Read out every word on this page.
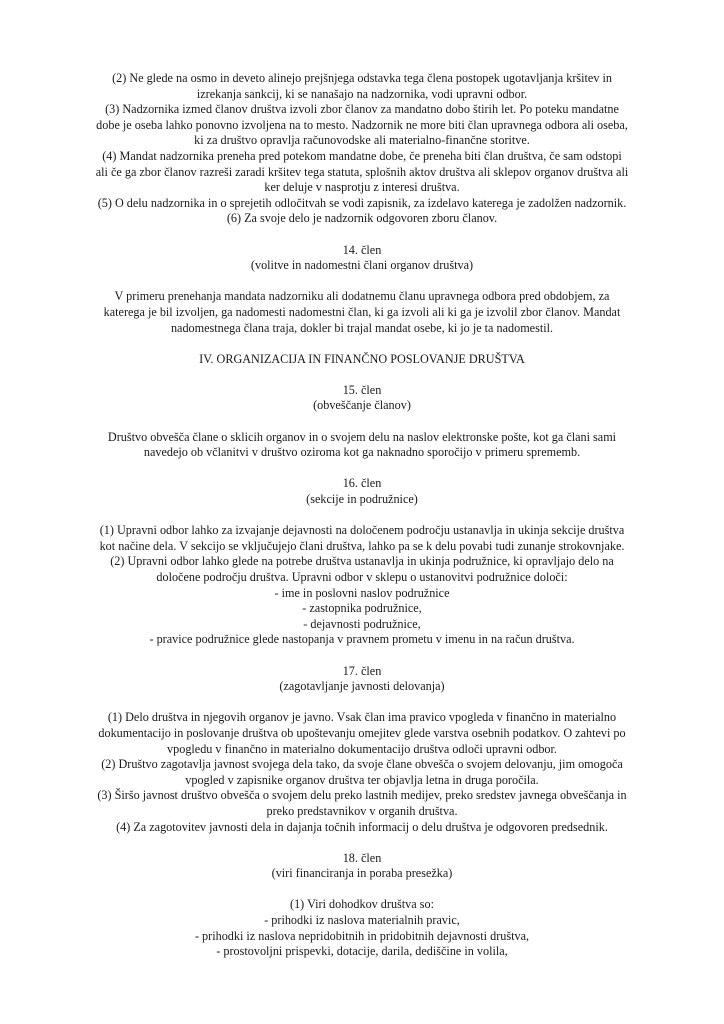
(2) Ne glede na osmo in deveto alinejo prejšnjega odstavka tega člena postopek ugotavljanja kršitev in
izrekanja sankcij, ki se nanašajo na nadzornika, vodi upravni odbor.
(3) Nadzornika izmed članov društva izvoli zbor članov za mandatno dobo štirih let. Po poteku mandatne
dobe je oseba lahko ponovno izvoljena na to mesto. Nadzornik ne more biti član upravnega odbora ali oseba,
ki za društvo opravlja računovodske ali materialno-finančne storitve.
(4) Mandat nadzornika preneha pred potekom mandatne dobe, če preneha biti član društva, če sam odstopi
ali če ga zbor članov razreši zaradi kršitev tega statuta, splošnih aktov društva ali sklepov organov društva ali
ker deluje v nasprotju z interesi društva.
(5) O delu nadzornika in o sprejetih odločitvah se vodi zapisnik, za izdelavo katerega je zadolžen nadzornik.
(6) Za svoje delo je nadzornik odgovoren zboru članov.
14. člen
(volitve in nadomestni člani organov društva)
V primeru prenehanja mandata nadzorniku ali dodatnemu članu upravnega odbora pred obdobjem, za
katerega je bil izvoljen, ga nadomesti nadomestni član, ki ga izvoli ali ki ga je izvolil zbor članov. Mandat
nadomestnega člana traja, dokler bi trajal mandat osebe, ki jo je ta nadomestil.
IV. ORGANIZACIJA IN FINANČNO POSLOVANJE DRUŠTVA
15. člen
(obveščanje članov)
Društvo obvešča člane o sklicih organov in o svojem delu na naslov elektronske pošte, kot ga člani sami
navedejo ob včlanitvi v društvo oziroma kot ga naknadno sporočijo v primeru sprememb.
16. člen
(sekcije in podružnice)
(1) Upravni odbor lahko za izvajanje dejavnosti na določenem področju ustanavlja in ukinja sekcije društva
kot načine dela. V sekcijo se vključujejo člani društva, lahko pa se k delu povabi tudi zunanje strokovnjake.
(2) Upravni odbor lahko glede na potrebe društva ustanavlja in ukinja podružnice, ki opravljajo delo na
določene področju društva. Upravni odbor v sklepu o ustanovitvi podružnice določi:
- ime in poslovni naslov podružnice
- zastopnika podružnice,
- dejavnosti podružnice,
- pravice podružnice glede nastopanja v pravnem prometu v imenu in na račun društva.
17. člen
(zagotavljanje javnosti delovanja)
(1) Delo društva in njegovih organov je javno. Vsak član ima pravico vpogleda v finančno in materialno
dokumentacijo in poslovanje društva ob upoštevanju omejitev glede varstva osebnih podatkov. O zahtevi po
vpogledu v finančno in materialno dokumentacijo društva odloči upravni odbor.
(2) Društvo zagotavlja javnost svojega dela tako, da svoje člane obvešča o svojem delovanju, jim omogoča
vpogled v zapisnike organov društva ter objavlja letna in druga poročila.
(3) Širšo javnost društvo obvešča o svojem delu preko lastnih medijev, preko sredstev javnega obveščanja in
preko predstavnikov v organih društva.
(4) Za zagotovitev javnosti dela in dajanja točnih informacij o delu društva je odgovoren predsednik.
18. člen
(viri financiranja in poraba presežka)
(1) Viri dohodkov društva so:
- prihodki iz naslova materialnih pravic,
- prihodki iz naslova nepridobitnih in pridobitnih dejavnosti društva,
- prostovoljni prispevki, dotacije, darila, dediščine in volila,
